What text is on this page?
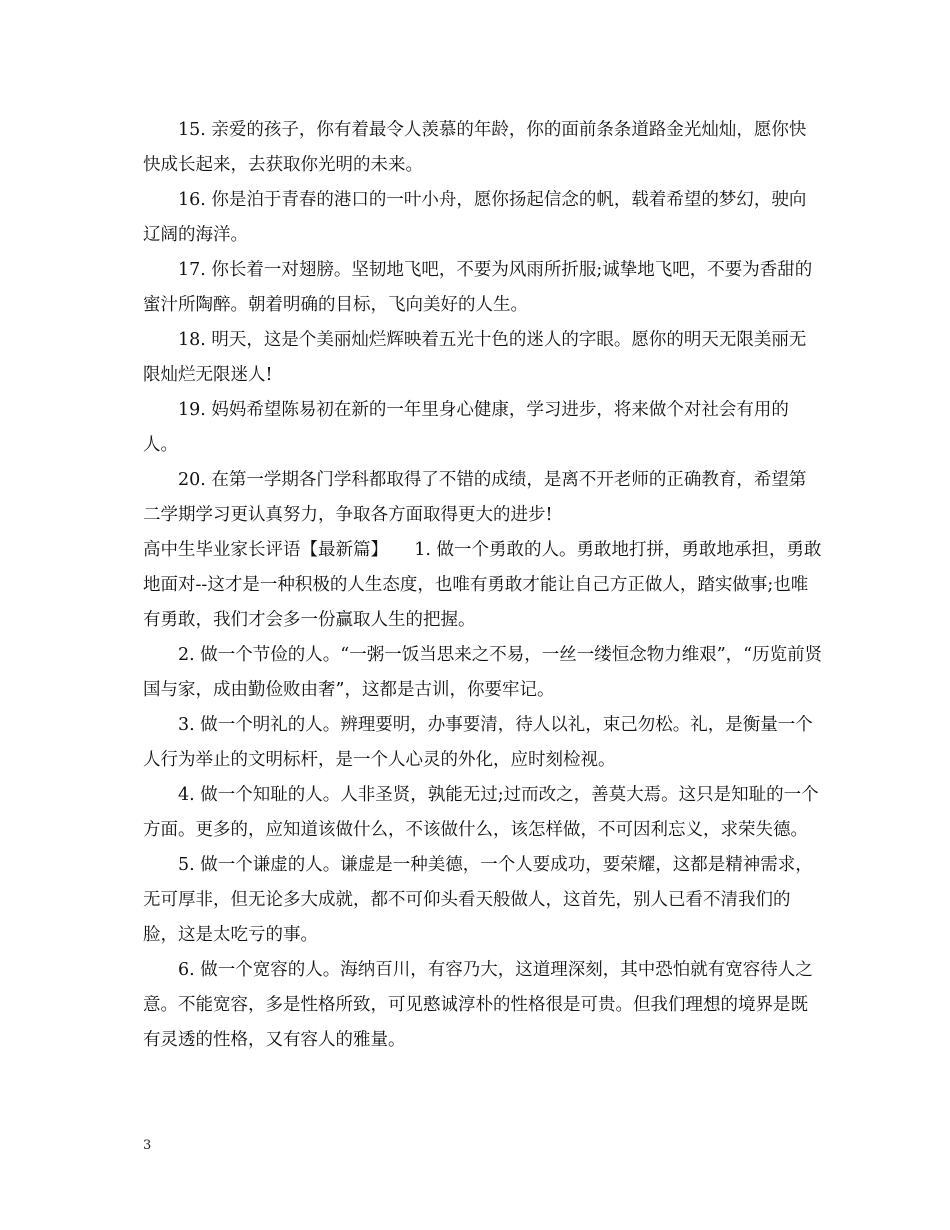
15. 亲爱的孩子，你有着最令人羡慕的年龄，你的面前条条道路金光灿灿，愿你快快成长起来，去获取你光明的未来。

16. 你是泊于青春的港口的一叶小舟，愿你扬起信念的帆，载着希望的梦幻，驶向辽阔的海洋。

17. 你长着一对翅膀。坚韧地飞吧，不要为风雨所折服;诚挚地飞吧，不要为香甜的蜜汁所陶醉。朝着明确的目标，飞向美好的人生。

18. 明天，这是个美丽灿烂辉映着五光十色的迷人的字眼。愿你的明天无限美丽无限灿烂无限迷人!

19. 妈妈希望陈易初在新的一年里身心健康，学习进步，将来做个对社会有用的人。

20. 在第一学期各门学科都取得了不错的成绩，是离不开老师的正确教育，希望第二学期学习更认真努力，争取各方面取得更大的进步!

高中生毕业家长评语【最新篇】　　1. 做一个勇敢的人。勇敢地打拼，勇敢地承担，勇敢地面对--这才是一种积极的人生态度，也唯有勇敢才能让自己方正做人，踏实做事;也唯有勇敢，我们才会多一份赢取人生的把握。

2. 做一个节俭的人。“一粥一饭当思来之不易，一丝一缕恒念物力维艰”，“历览前贤国与家，成由勤俭败由奢”，这都是古训，你要牢记。

3. 做一个明礼的人。辨理要明，办事要清，待人以礼，束己勿松。礼，是衡量一个人行为举止的文明标杆，是一个人心灵的外化，应时刻检视。

4. 做一个知耻的人。人非圣贤，孰能无过;过而改之，善莫大焉。这只是知耻的一个方面。更多的，应知道该做什么，不该做什么，该怎样做，不可因利忘义，求荣失德。

5. 做一个谦虚的人。谦虚是一种美德，一个人要成功，要荣耀，这都是精神需求，无可厚非，但无论多大成就，都不可仰头看天般做人，这首先，别人已看不清我们的脸，这是太吃亏的事。

6. 做一个宽容的人。海纳百川，有容乃大，这道理深刻，其中恐怕就有宽容待人之意。不能宽容，多是性格所致，可见憨诚淳朴的性格很是可贵。但我们理想的境界是既有灵透的性格，又有容人的雅量。

3
